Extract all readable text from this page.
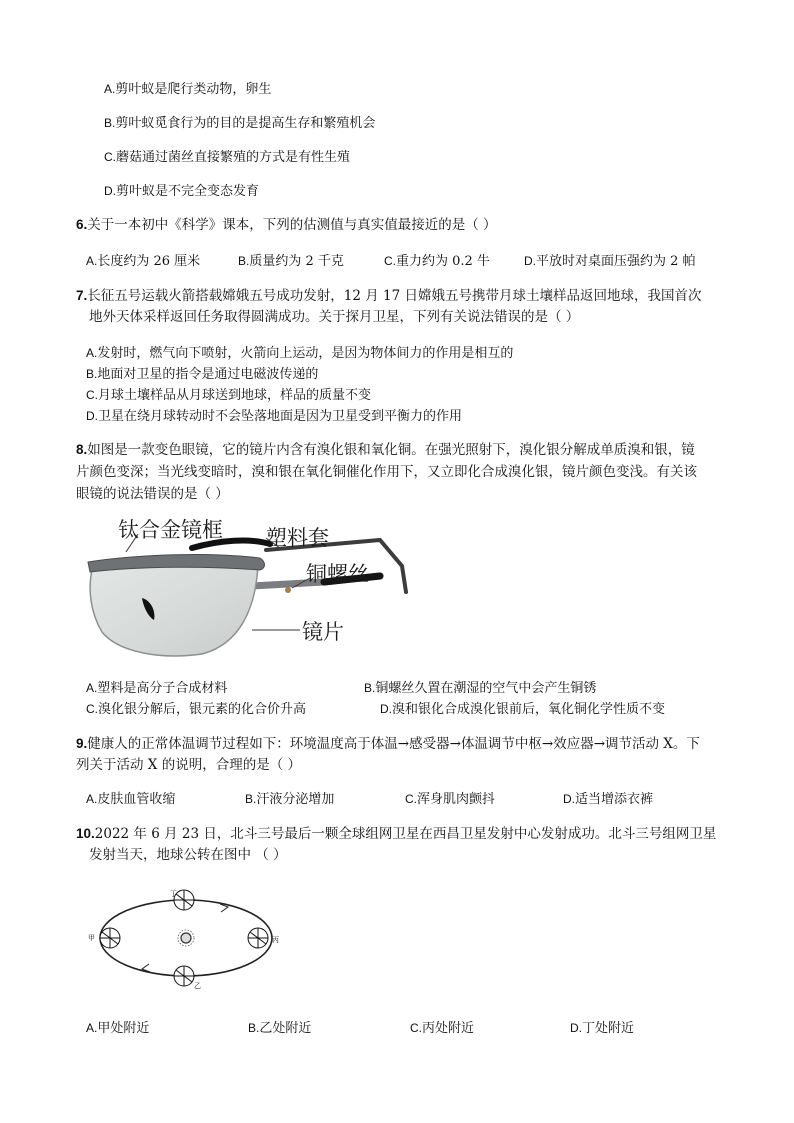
A.剪叶蚁是爬行类动物，卵生
B.剪叶蚁觅食行为的目的是提高生存和繁殖机会
C.蘑菇通过菌丝直接繁殖的方式是有性生殖
D.剪叶蚁是不完全变态发育
6.关于一本初中《科学》课本，下列的估测值与真实值最接近的是（ ）
A.长度约为 26 厘米	B.质量约为 2 千克	C.重力约为 0.2 牛	D.平放时对桌面压强约为 2 帕
7.长征五号运载火箭搭载嫦娥五号成功发射，12 月 17 日嫦娥五号携带月球土壤样品返回地球，我国首次
地外天体采样返回任务取得圆满成功。关于探月卫星，下列有关说法错误的是（ ）
A.发射时，燃气向下喷射，火箭向上运动，是因为物体间力的作用是相互的
B.地面对卫星的指令是通过电磁波传递的
C.月球土壤样品从月球送到地球，样品的质量不变
D.卫星在绕月球转动时不会坠落地面是因为卫星受到平衡力的作用
8.如图是一款变色眼镜，它的镜片内含有溴化银和氧化铜。在强光照射下，溴化银分解成单质溴和银，镜
片颜色变深；当光线变暗时，溴和银在氧化铜催化作用下，又立即化合成溴化银，镜片颜色变浅。有关该
眼镜的说法错误的是（ ）
钛合金镜框 塑料套
铜螺丝
镜片
A.塑料是高分子合成材料	B.铜螺丝久置在潮湿的空气中会产生铜锈
C.溴化银分解后，银元素的化合价升高	D.溴和银化合成溴化银前后，氧化铜化学性质不变
9.健康人的正常体温调节过程如下：环境温度高于体温→感受器→体温调节中枢→效应器→调节活动 X。下
列关于活动 X 的说明，合理的是（ ）
A.皮肤血管收缩	B.汗液分泌增加	C.浑身肌肉颤抖	D.适当增添衣裤
10.2022 年 6 月 23 日，北斗三号最后一颗全球组网卫星在西昌卫星发射中心发射成功。北斗三号组网卫星
发射当天，地球公转在图中 （ ）
丁
甲	丙
乙
A.甲处附近	B.乙处附近	C.丙处附近	D.丁处附近
